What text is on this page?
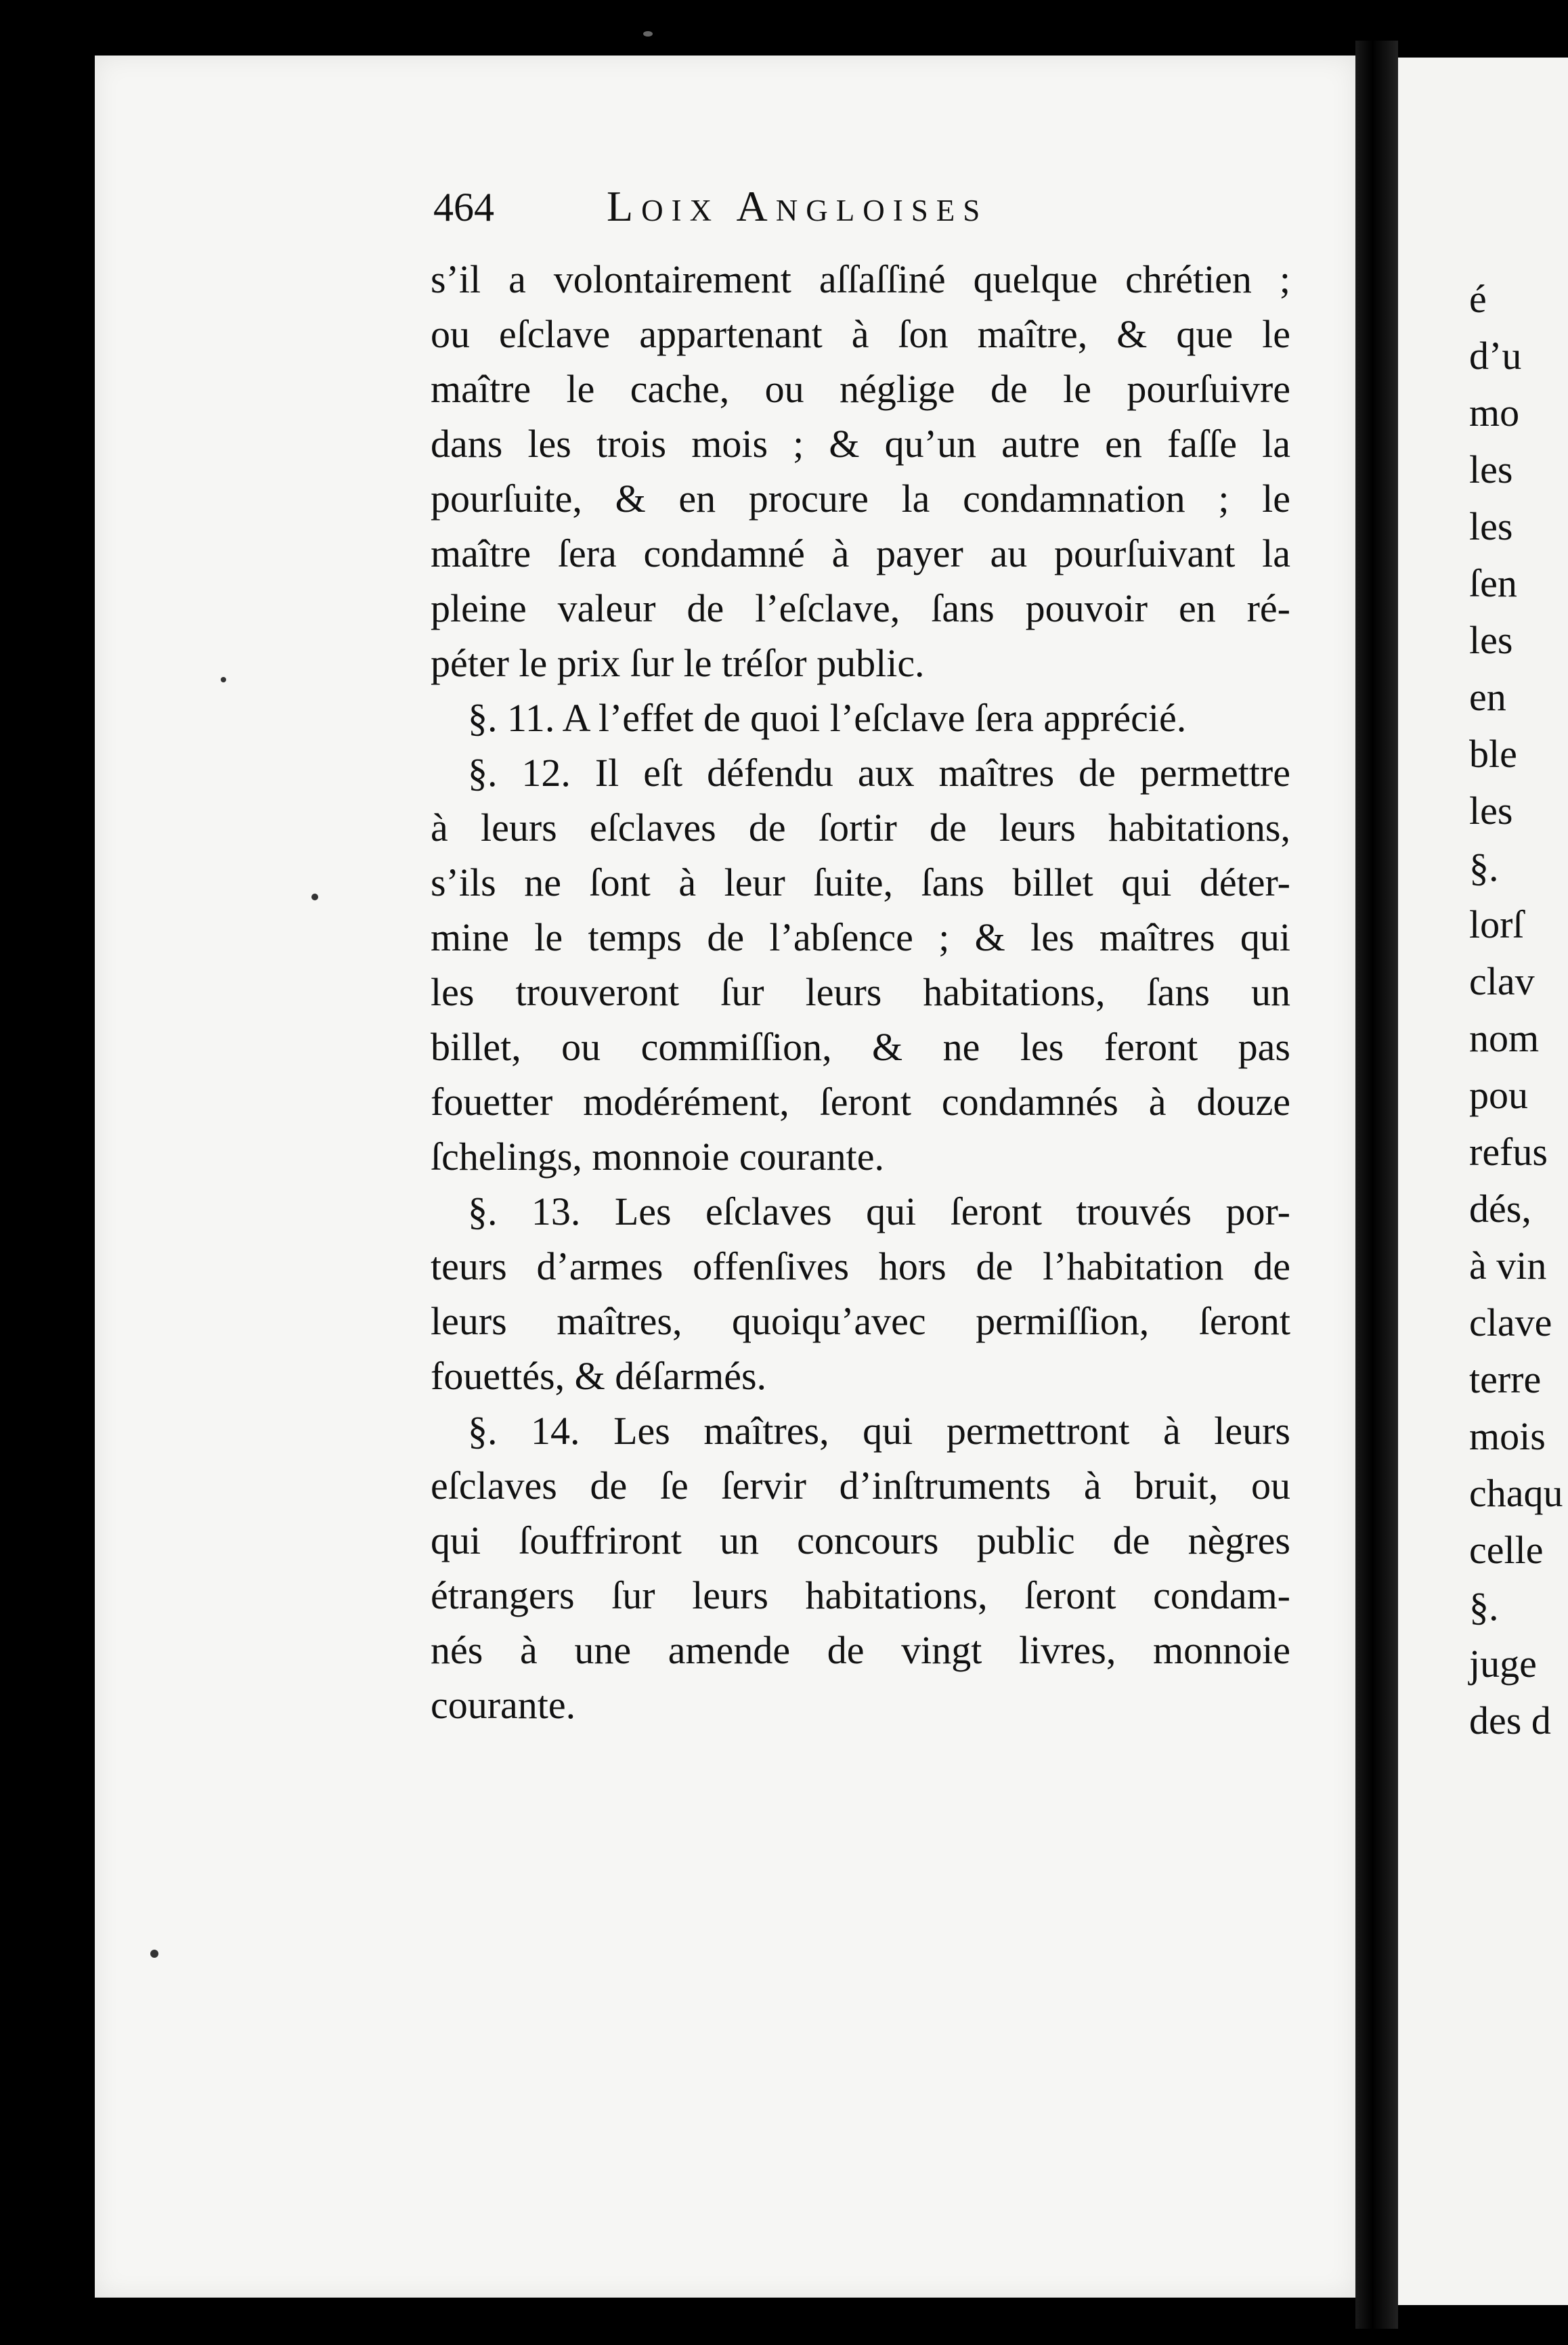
464	Loix Angloises
s’il a volontairement aſſaſſiné quelque chrétien ;
ou eſclave appartenant à ſon maître, & que le
maître le cache, ou néglige de le pourſuivre
dans les trois mois ; & qu’un autre en faſſe la
pourſuite, & en procure la condamnation ; le
maître ſera condamné à payer au pourſuivant la
pleine valeur de l’eſclave, ſans pouvoir en ré-
péter le prix ſur le tréſor public.
§. 11. A l’effet de quoi l’eſclave ſera apprécié.
§. 12. Il eſt défendu aux maîtres de permettre
à leurs eſclaves de ſortir de leurs habitations,
s’ils ne ſont à leur ſuite, ſans billet qui déter-
mine le temps de l’abſence ; & les maîtres qui
les trouveront ſur leurs habitations, ſans un
billet, ou commiſſion, & ne les feront pas
fouetter modérément, ſeront condamnés à douze
ſchelings, monnoie courante.
§. 13. Les eſclaves qui ſeront trouvés por-
teurs d’armes offenſives hors de l’habitation de
leurs maîtres, quoiqu’avec permiſſion, ſeront
fouettés, & déſarmés.
§. 14. Les maîtres, qui permettront à leurs
eſclaves de ſe ſervir d’inſtruments à bruit, ou
qui ſouffriront un concours public de nègres
étrangers ſur leurs habitations, ſeront condam-
nés à une amende de vingt livres, monnoie
courante.
é
d’u
mo
les
les
ſen
les
en
ble
les
§.
lorſ
clav
nom
pou
refus
dés,
à vin
clave
terre
mois
chaqu
celle
§.
juge
des d
